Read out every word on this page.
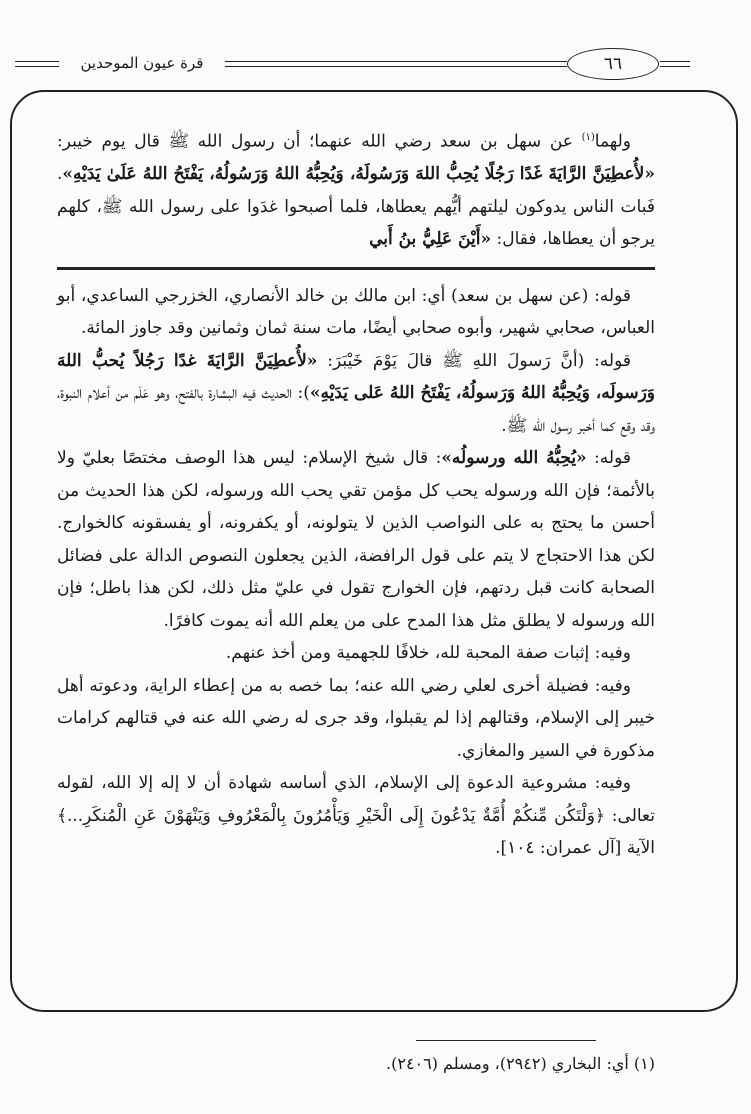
قرة عيون الموحدين	٦٦

ولهما$^{(١)}$ عن سهل بن سعد رضي الله عنهما؛ أن رسول الله ﷺ قال يوم خيبر: «لأُعطِيَنَّ الرَّايَةَ غَدًا رَجُلًا يُحِبُّ اللهَ وَرَسُولَهُ، وَيُحِبُّهُ اللهُ وَرَسُولُهُ، يَفْتَحُ اللهُ عَلَىٰ يَدَيْهِ». فَبات الناس يدوكون ليلتهم أيُّهم يعطاها، فلما أصبحوا غدَوا على رسول الله ﷺ، كلهم يرجو أن يعطاها، فقال: «أَيْنَ عَلِيُّ بنُ أَبي

قوله: (عن سهل بن سعد) أي: ابن مالك بن خالد الأنصاري، الخزرجي الساعدي، أبو العباس، صحابي شهير، وأبوه صحابي أيضًا، مات سنة ثمان وثمانين وقد جاوز المائة.

قوله: (أنَّ رَسولَ اللهِ ﷺ قالَ يَوْمَ خَيْبَرَ: «لأُعطِيَنَّ الرَّايَةَ غدًا رَجُلاً يُحبُّ اللهَ وَرَسولَه، وَيُحِبُّهُ اللهُ وَرَسولُهُ، يَفْتَحُ اللهُ عَلى يَدَيْهِ»): الحديث فيه البشارة بالفتح، وهو عَلَم من أعلام النبوة، وقد وقع كما أخبر رسول الله ﷺ.

قوله: «يُحِبُّهُ الله ورسولُه»: قال شيخ الإسلام: ليس هذا الوصف مختصًا بعليّ ولا بالأئمة؛ فإن الله ورسوله يحب كل مؤمن تقي يحب الله ورسوله، لكن هذا الحديث من أحسن ما يحتج به على النواصب الذين لا يتولونه، أو يكفرونه، أو يفسقونه كالخوارج. لكن هذا الاحتجاج لا يتم على قول الرافضة، الذين يجعلون النصوص الدالة على فضائل الصحابة كانت قبل ردتهم، فإن الخوارج تقول في عليّ مثل ذلك، لكن هذا باطل؛ فإن الله ورسوله لا يطلق مثل هذا المدح على من يعلم الله أنه يموت كافرًا.

وفيه: إثبات صفة المحبة لله، خلافًا للجهمية ومن أخذ عنهم.

وفيه: فضيلة أخرى لعلي رضي الله عنه؛ بما خصه به من إعطاء الراية، ودعوته أهل خيبر إلى الإسلام، وقتالهم إذا لم يقبلوا، وقد جرى له رضي الله عنه في قتالهم كرامات مذكورة في السير والمغازي.

وفيه: مشروعية الدعوة إلى الإسلام، الذي أساسه شهادة أن لا إله إلا الله، لقوله تعالى: ﴿وَلْتَكُن مِّنكُمْ أُمَّةٌ يَدْعُونَ إِلَى الْخَيْرِ وَيَأْمُرُونَ بِالْمَعْرُوفِ وَيَنْهَوْنَ عَنِ الْمُنكَرِ...﴾ الآية [آل عمران: ١٠٤].

(١) أي: البخاري (٢٩٤٢)، ومسلم (٢٤٠٦).
